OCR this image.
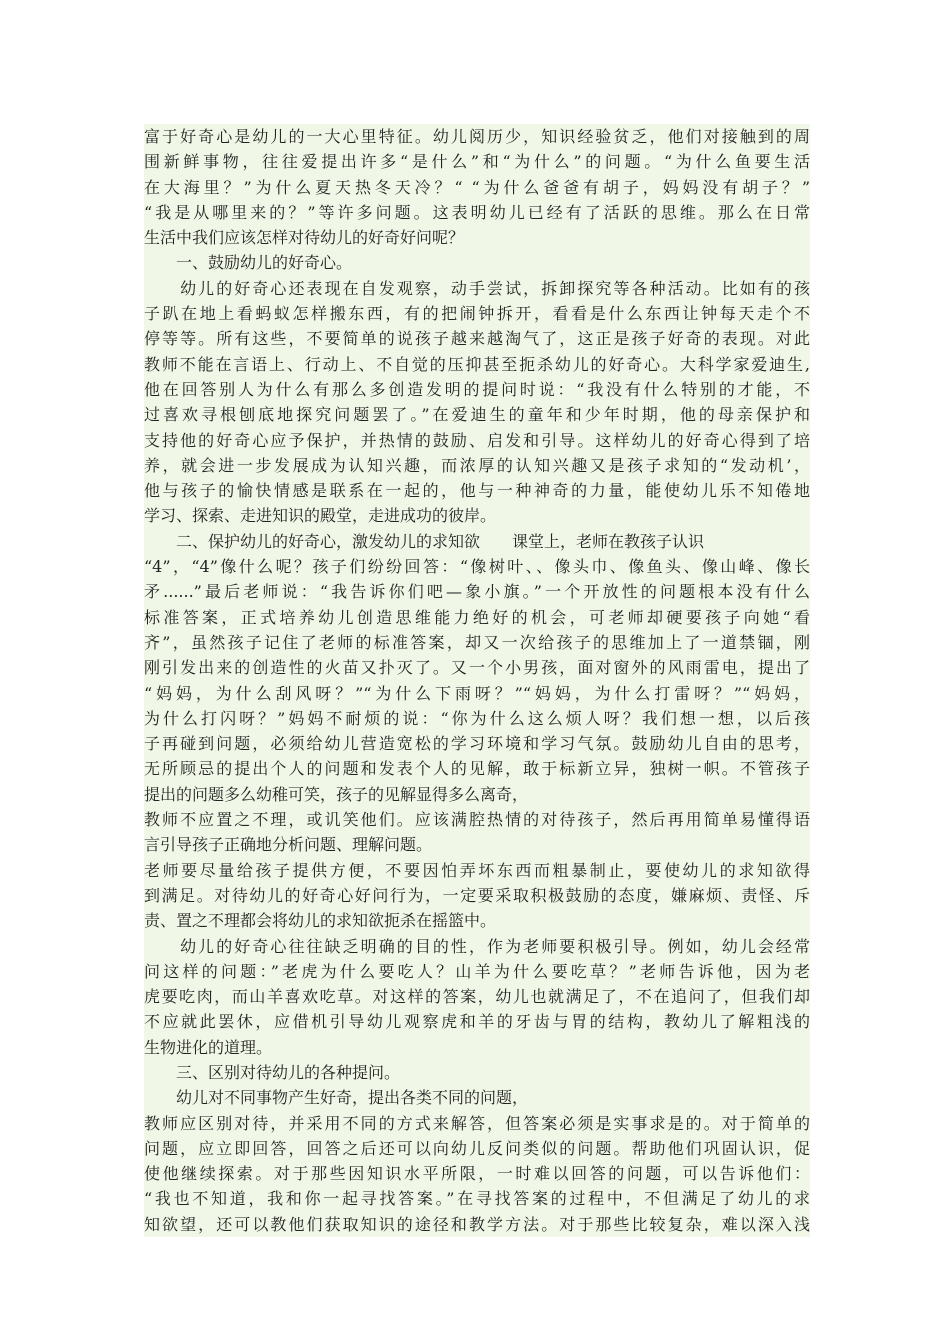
富于好奇心是幼儿的一大心里特征。幼儿阅历少，知识经验贫乏，他们对接触到的周
围新鲜事物，往往爱提出许多“是什么”和“为什么”的问题。“为什么鱼要生活
在大海里？”为什么夏天热冬天冷？“ “为什么爸爸有胡子，妈妈没有胡子？”
“我是从哪里来的？”等许多问题。这表明幼儿已经有了活跃的思维。那么在日常
生活中我们应该怎样对待幼儿的好奇好问呢？
　　一、鼓励幼儿的好奇心。
　　幼儿的好奇心还表现在自发观察，动手尝试，拆卸探究等各种活动。比如有的孩
子趴在地上看蚂蚁怎样搬东西，有的把闹钟拆开，看看是什么东西让钟每天走个不
停等等。所有这些，不要简单的说孩子越来越淘气了，这正是孩子好奇的表现。对此
教师不能在言语上、行动上、不自觉的压抑甚至扼杀幼儿的好奇心。大科学家爱迪生,
他在回答别人为什么有那么多创造发明的提问时说：“我没有什么特别的才能，不
过喜欢寻根刨底地探究问题罢了。”在爱迪生的童年和少年时期，他的母亲保护和
支持他的好奇心应予保护，并热情的鼓励、启发和引导。这样幼儿的好奇心得到了培
养，就会进一步发展成为认知兴趣，而浓厚的认知兴趣又是孩子求知的“发动机’，
他与孩子的愉快情感是联系在一起的，他与一种神奇的力量，能使幼儿乐不知倦地
学习、探索、走进知识的殿堂，走进成功的彼岸。
　　二、保护幼儿的好奇心，激发幼儿的求知欲　　课堂上，老师在教孩子认识
“4”，“4”像什么呢？孩子们纷纷回答：“像树叶、、像头巾、像鱼头、像山峰、像长
矛......”最后老师说：“我告诉你们吧—象小旗。”一个开放性的问题根本没有什么
标准答案，正式培养幼儿创造思维能力绝好的机会，可老师却硬要孩子向她“看
齐”，虽然孩子记住了老师的标准答案，却又一次给孩子的思维加上了一道禁锢，刚
刚引发出来的创造性的火苗又扑灭了。又一个小男孩，面对窗外的风雨雷电，提出了
“妈妈，为什么刮风呀？”“为什么下雨呀？”“妈妈，为什么打雷呀？”“妈妈，
为什么打闪呀？”妈妈不耐烦的说：“你为什么这么烦人呀？我们想一想，以后孩
子再碰到问题，必须给幼儿营造宽松的学习环境和学习气氛。鼓励幼儿自由的思考，
无所顾忌的提出个人的问题和发表个人的见解，敢于标新立异，独树一帜。不管孩子
提出的问题多么幼稚可笑，孩子的见解显得多么离奇，
教师不应置之不理，或讥笑他们。应该满腔热情的对待孩子，然后再用简单易懂得语
言引导孩子正确地分析问题、理解问题。
老师要尽量给孩子提供方便，不要因怕弄坏东西而粗暴制止，要使幼儿的求知欲得
到满足。对待幼儿的好奇心好问行为，一定要采取积极鼓励的态度，嫌麻烦、责怪、斥
责、置之不理都会将幼儿的求知欲扼杀在摇篮中。
　　幼儿的好奇心往往缺乏明确的目的性，作为老师要积极引导。例如，幼儿会经常
问这样的问题：”老虎为什么要吃人？山羊为什么要吃草？”老师告诉他，因为老
虎要吃肉，而山羊喜欢吃草。对这样的答案，幼儿也就满足了，不在追问了，但我们却
不应就此罢休，应借机引导幼儿观察虎和羊的牙齿与胃的结构，教幼儿了解粗浅的
生物进化的道理。
　　三、区别对待幼儿的各种提问。
　　幼儿对不同事物产生好奇，提出各类不同的问题，
教师应区别对待，并采用不同的方式来解答，但答案必须是实事求是的。对于简单的
问题，应立即回答，回答之后还可以向幼儿反问类似的问题。帮助他们巩固认识，促
使他继续探索。对于那些因知识水平所限，一时难以回答的问题，可以告诉他们：
“我也不知道，我和你一起寻找答案。”在寻找答案的过程中，不但满足了幼儿的求
知欲望，还可以教他们获取知识的途径和教学方法。对于那些比较复杂，难以深入浅
